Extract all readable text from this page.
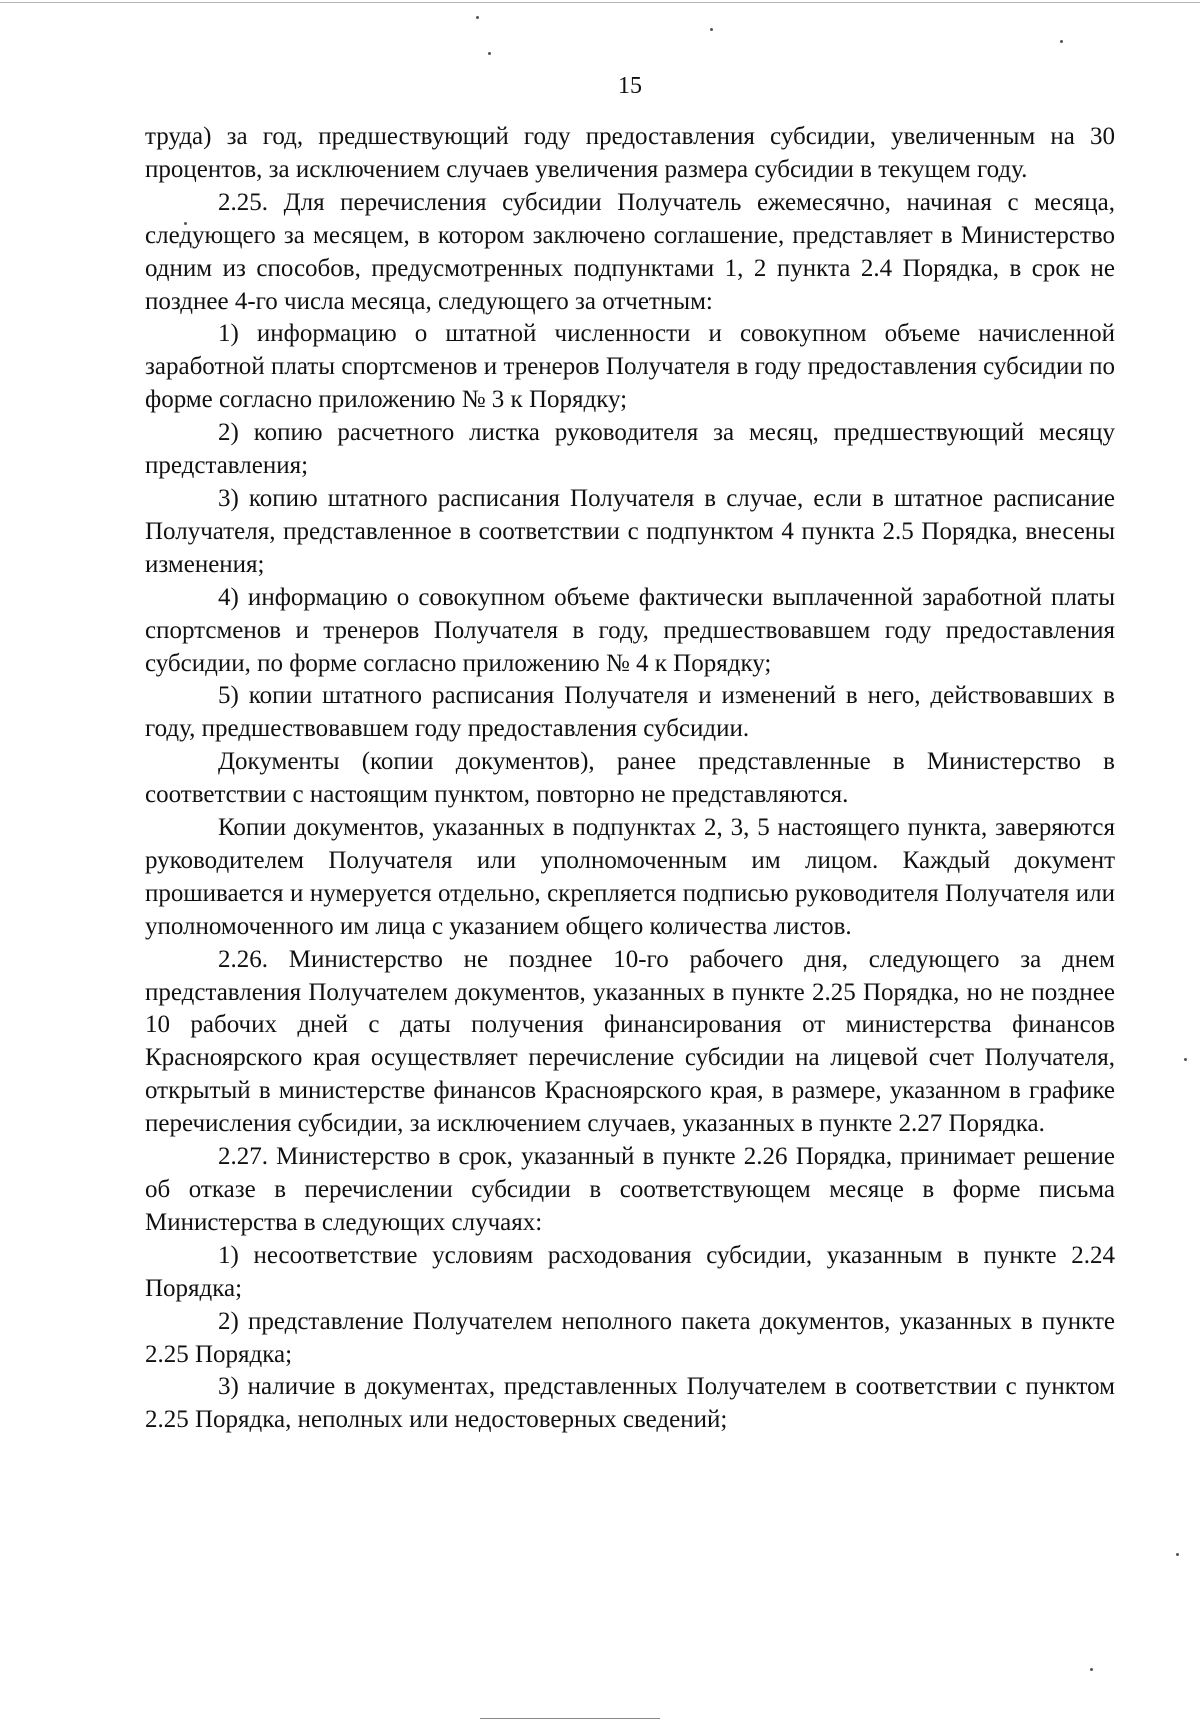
15

труда) за год, предшествующий году предоставления субсидии, увеличенным на 30 процентов, за исключением случаев увеличения размера субсидии в текущем году.

2.25. Для перечисления субсидии Получатель ежемесячно, начиная с месяца, следующего за месяцем, в котором заключено соглашение, представляет в Министерство одним из способов, предусмотренных подпунктами 1, 2 пункта 2.4 Порядка, в срок не позднее 4-го числа месяца, следующего за отчетным:

1) информацию о штатной численности и совокупном объеме начисленной заработной платы спортсменов и тренеров Получателя в году предоставления субсидии по форме согласно приложению № 3 к Порядку;

2) копию расчетного листка руководителя за месяц, предшествующий месяцу представления;

3) копию штатного расписания Получателя в случае, если в штатное расписание Получателя, представленное в соответствии с подпунктом 4 пункта 2.5 Порядка, внесены изменения;

4) информацию о совокупном объеме фактически выплаченной заработной платы спортсменов и тренеров Получателя в году, предшествовавшем году предоставления субсидии, по форме согласно приложению № 4 к Порядку;

5) копии штатного расписания Получателя и изменений в него, действовавших в году, предшествовавшем году предоставления субсидии.

Документы (копии документов), ранее представленные в Министерство в соответствии с настоящим пунктом, повторно не представляются.

Копии документов, указанных в подпунктах 2, 3, 5 настоящего пункта, заверяются руководителем Получателя или уполномоченным им лицом. Каждый документ прошивается и нумеруется отдельно, скрепляется подписью руководителя Получателя или уполномоченного им лица с указанием общего количества листов.

2.26. Министерство не позднее 10-го рабочего дня, следующего за днем представления Получателем документов, указанных в пункте 2.25 Порядка, но не позднее 10 рабочих дней с даты получения финансирования от министерства финансов Красноярского края осуществляет перечисление субсидии на лицевой счет Получателя, открытый в министерстве финансов Красноярского края, в размере, указанном в графике перечисления субсидии, за исключением случаев, указанных в пункте 2.27 Порядка.

2.27. Министерство в срок, указанный в пункте 2.26 Порядка, принимает решение об отказе в перечислении субсидии в соответствующем месяце в форме письма Министерства в следующих случаях:

1) несоответствие условиям расходования субсидии, указанным в пункте 2.24 Порядка;

2) представление Получателем неполного пакета документов, указанных в пункте 2.25 Порядка;

3) наличие в документах, представленных Получателем в соответствии с пунктом 2.25 Порядка, неполных или недостоверных сведений;
